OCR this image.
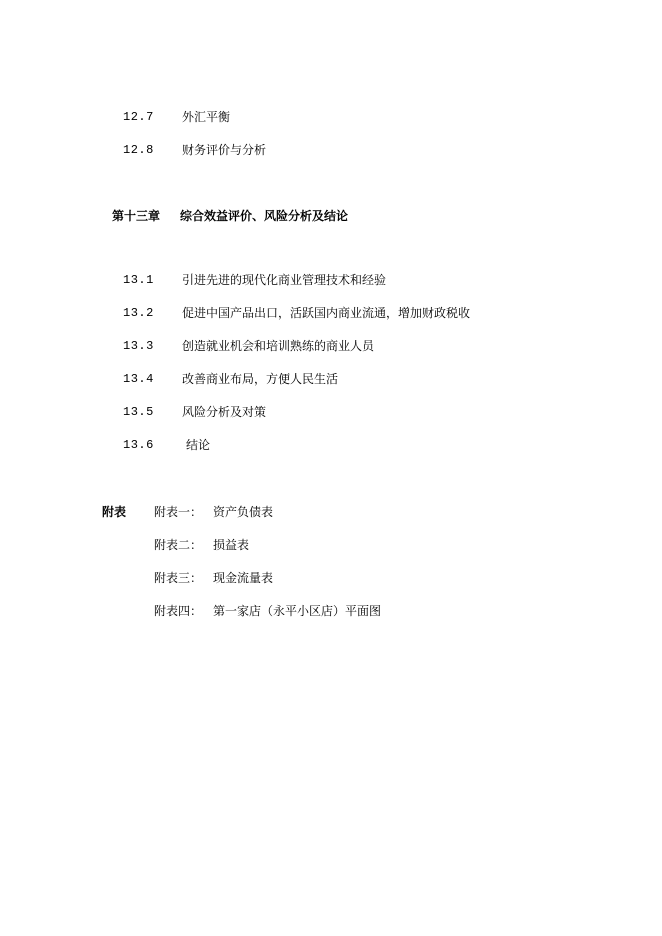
12.7 外汇平衡
12.8 财务评价与分析
第十三章 综合效益评价、风险分析及结论
13.1 引进先进的现代化商业管理技术和经验
13.2 促进中国产品出口，活跃国内商业流通，增加财政税收
13.3 创造就业机会和培训熟练的商业人员
13.4 改善商业布局，方便人民生活
13.5 风险分析及对策
13.6	结论
附表 附表一： 资产负债表
附表二： 损益表
附表三： 现金流量表
附表四： 第一家店（永平小区店）平面图
